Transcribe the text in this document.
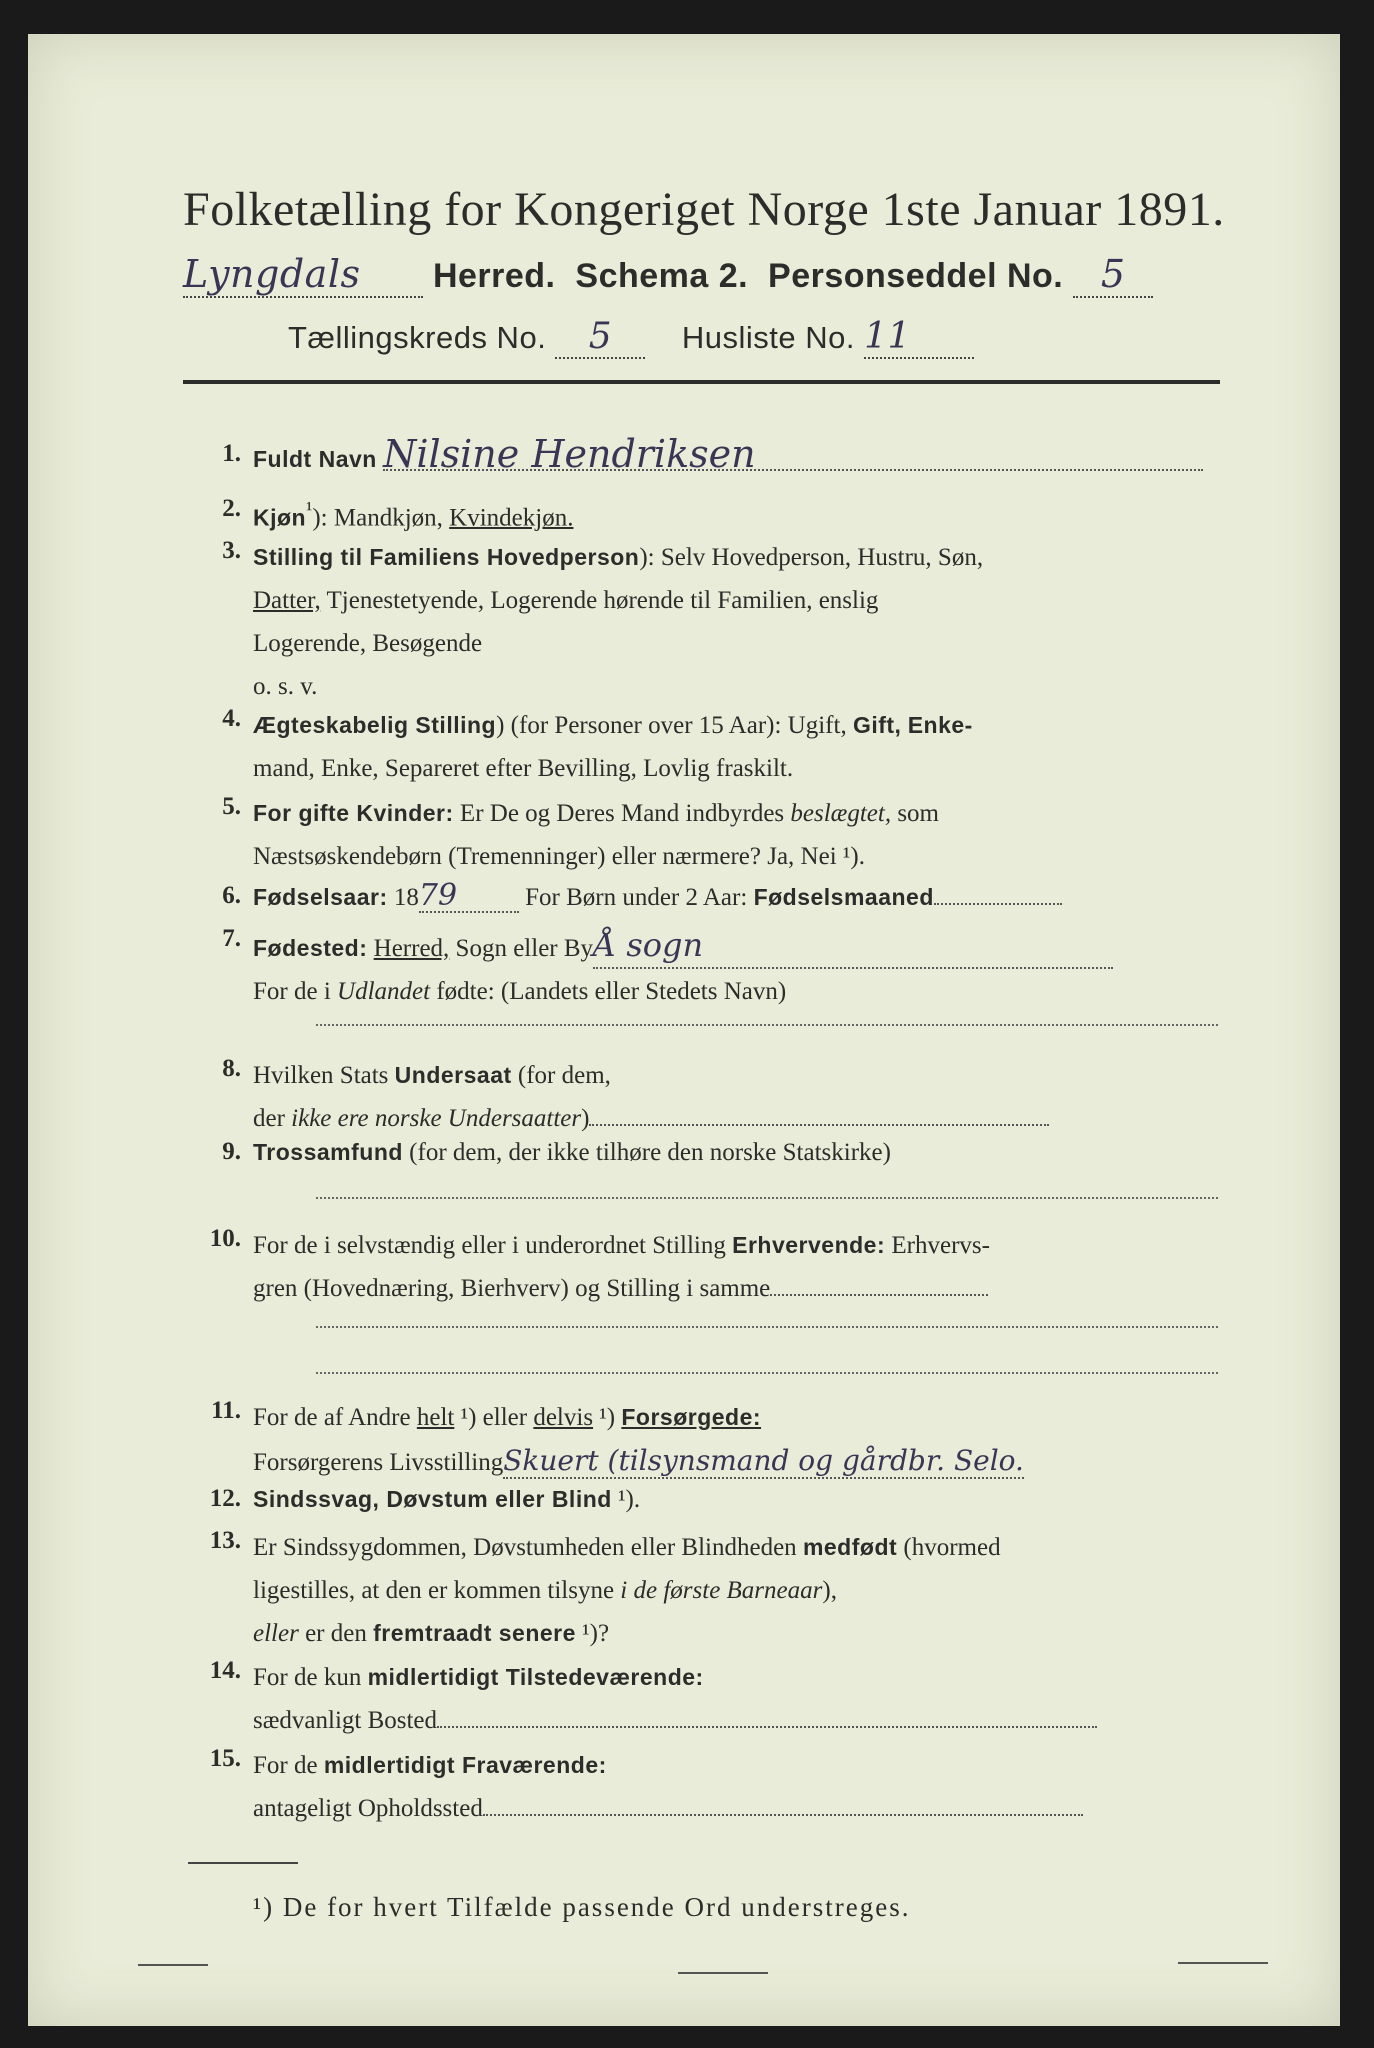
Folketælling for Kongeriget Norge 1ste Januar 1891.
Lyngdals Herred. Schema 2. Personseddel No. 5
Tællingskreds No. 5 Husliste No. 11
1. Fuldt Navn Nilsine Hendriksen
2. Kjøn$^{^1}$): Mandkjøn, Kvindekjøn.
3. Stilling til Familiens Hovedperson): Selv Hovedperson, Hustru, Søn,
Datter, Tjenestetyende, Logerende hørende til Familien, enslig
Logerende, Besøgende
o. s. v.
4. Ægteskabelig Stilling) (for Personer over 15 Aar): Ugift, Gift, Enke-
mand, Enke, Separeret efter Bevilling, Lovlig fraskilt.
5. For gifte Kvinder: Er De og Deres Mand indbyrdes beslægtet, som
Næstsøskendebørn (Tremenninger) eller nærmere? Ja, Nei ¹).
6. Fødselsaar: 1879 For Børn under 2 Aar: Fødselsmaaned
7. Fødested: Herred, Sogn eller ByÅ sogn
For de i Udlandet fødte: (Landets eller Stedets Navn)
8. Hvilken Stats Undersaat (for dem,
der ikke ere norske Undersaatter)
9. Trossamfund (for dem, der ikke tilhøre den norske Statskirke)
10. For de i selvstændig eller i underordnet Stilling Erhvervende: Erhvervs-
gren (Hovednæring, Bierhverv) og Stilling i samme
11. For de af Andre helt ¹) eller delvis ¹) Forsørgede:
Forsørgerens LivsstillingSkuert (tilsynsmand og gårdbr. Selo.
12. Sindssvag, Døvstum eller Blind ¹).
13. Er Sindssygdommen, Døvstumheden eller Blindheden medfødt (hvormed
ligestilles, at den er kommen tilsyne i de første Barneaar),
eller er den fremtraadt senere ¹)?
14. For de kun midlertidigt Tilstedeværende:
sædvanligt Bosted
15. For de midlertidigt Fraværende:
antageligt Opholdssted
¹) De for hvert Tilfælde passende Ord understreges.
